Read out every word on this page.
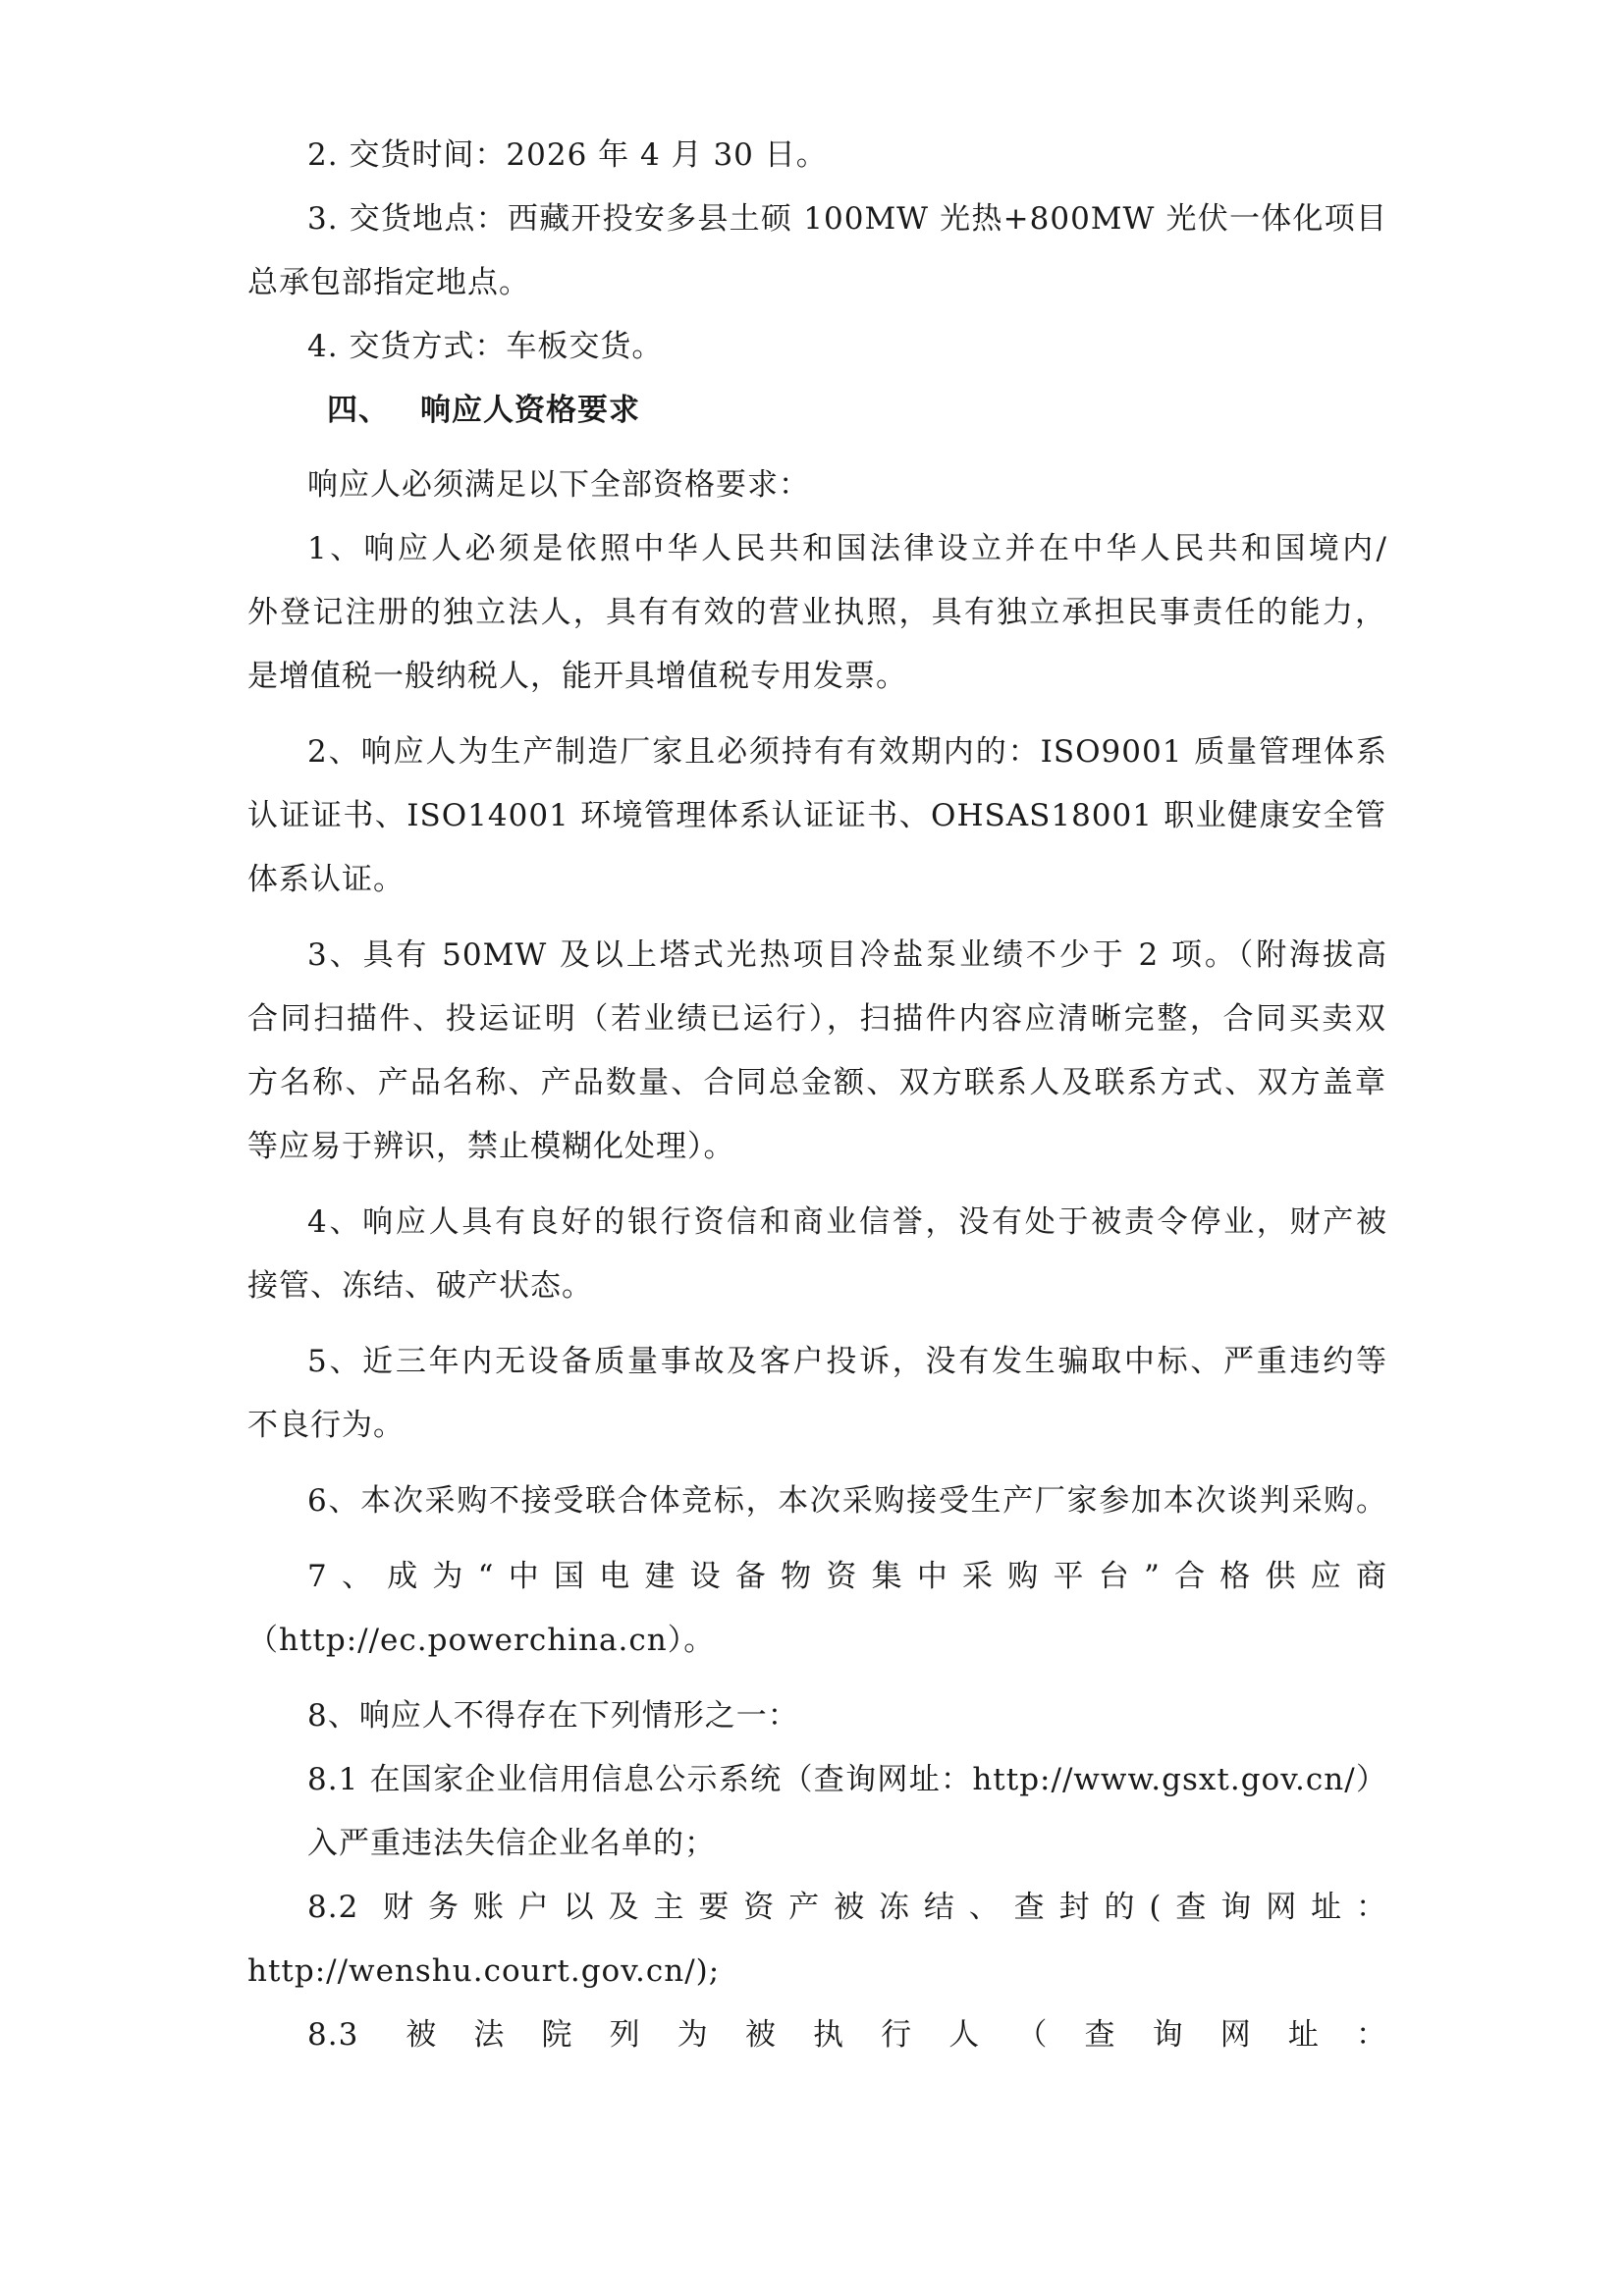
2. 交货时间：2026 年 4 月 30 日。
3. 交货地点：西藏开投安多县土硕 100MW 光热+800MW 光伏一体化项目
总承包部指定地点。
4. 交货方式：车板交货。
四、	响应人资格要求
响应人必须满足以下全部资格要求：
1、响应人必须是依照中华人民共和国法律设立并在中华人民共和国境内/
外登记注册的独立法人，具有有效的营业执照，具有独立承担民事责任的能力，
是增值税一般纳税人，能开具增值税专用发票。
2、响应人为生产制造厂家且必须持有有效期内的：ISO9001 质量管理体系
认证证书、ISO14001 环境管理体系认证证书、OHSAS18001 职业健康安全管
体系认证。
3、具有 50MW 及以上塔式光热项目冷盐泵业绩不少于 2 项。（附海拔高
合同扫描件、投运证明（若业绩已运行），扫描件内容应清晰完整，合同买卖双
方名称、产品名称、产品数量、合同总金额、双方联系人及联系方式、双方盖章
等应易于辨识，禁止模糊化处理）。
4、响应人具有良好的银行资信和商业信誉，没有处于被责令停业，财产被
接管、冻结、破产状态。
5、近三年内无设备质量事故及客户投诉，没有发生骗取中标、严重违约等
不良行为。
6、本次采购不接受联合体竞标，本次采购接受生产厂家参加本次谈判采购。
7、成为“中国电建设备物资集中采购平台”合格供应商
（http://ec.powerchina.cn）。
8、响应人不得存在下列情形之一：
8.1 在国家企业信用信息公示系统（查询网址：http://www.gsxt.gov.cn/）
入严重违法失信企业名单的；
8.2 财务账户以及主要资产被冻结、查封的(查询网址：
http://wenshu.court.gov.cn/);
8.3 被法院列为被执行人（查询网址：
